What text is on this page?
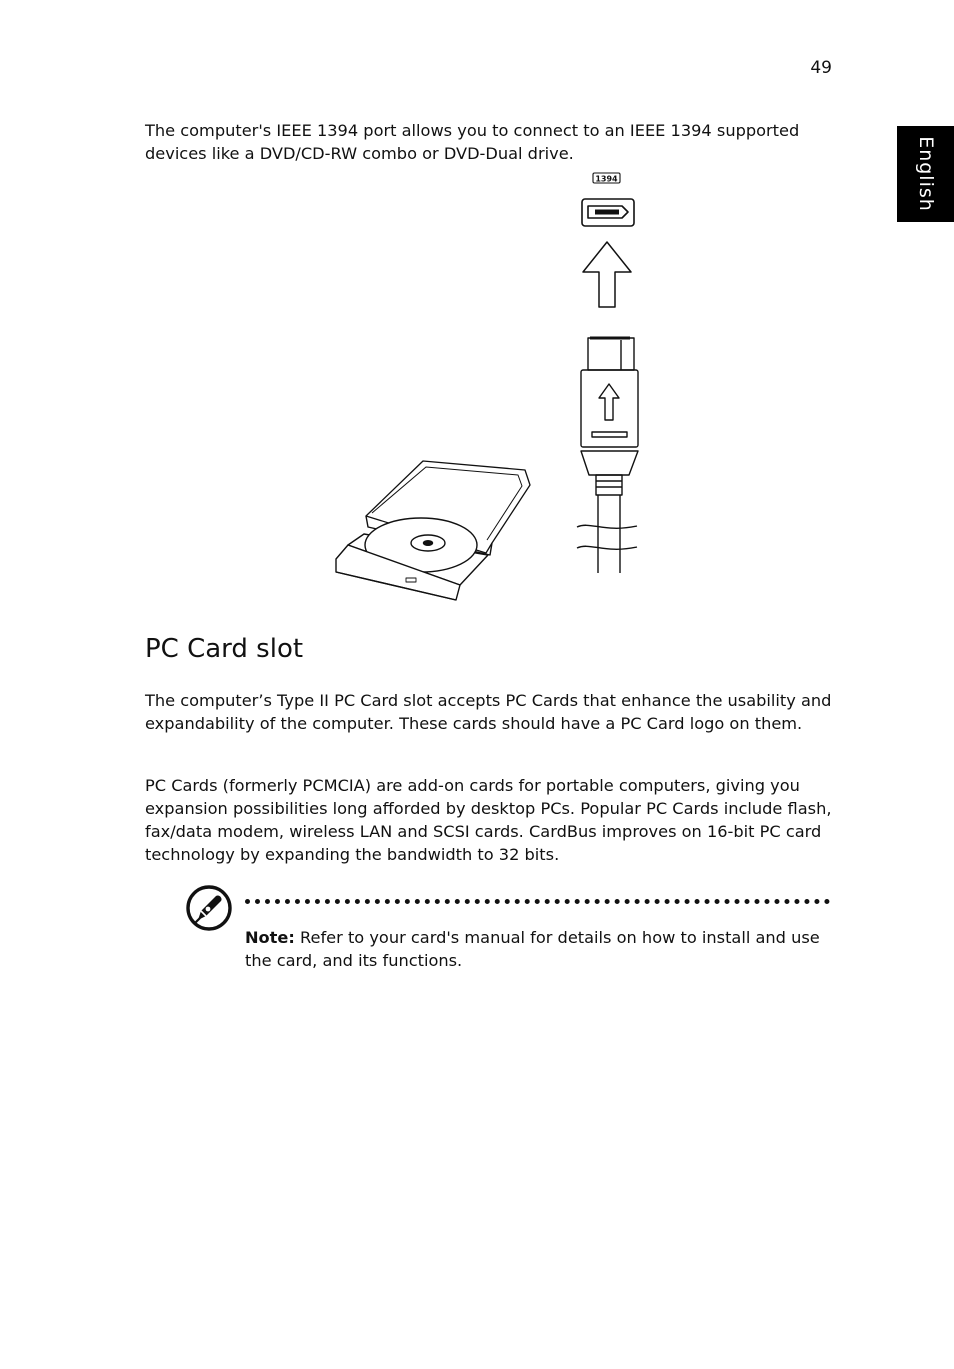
49
English

The computer's IEEE 1394 port allows you to connect to an IEEE 1394 supported devices like a DVD/CD-RW combo or DVD-Dual drive.

1394
PC Card slot

The computer’s Type II PC Card slot accepts PC Cards that enhance the usability and expandability of the computer. These cards should have a PC Card logo on them.

PC Cards (formerly PCMCIA) are add-on cards for portable computers, giving you expansion possibilities long afforded by desktop PCs. Popular PC Cards include flash, fax/data modem, wireless LAN and SCSI cards. CardBus improves on 16-bit PC card technology by expanding the bandwidth to 32 bits.

Note: Refer to your card's manual for details on how to install and use the card, and its functions.
